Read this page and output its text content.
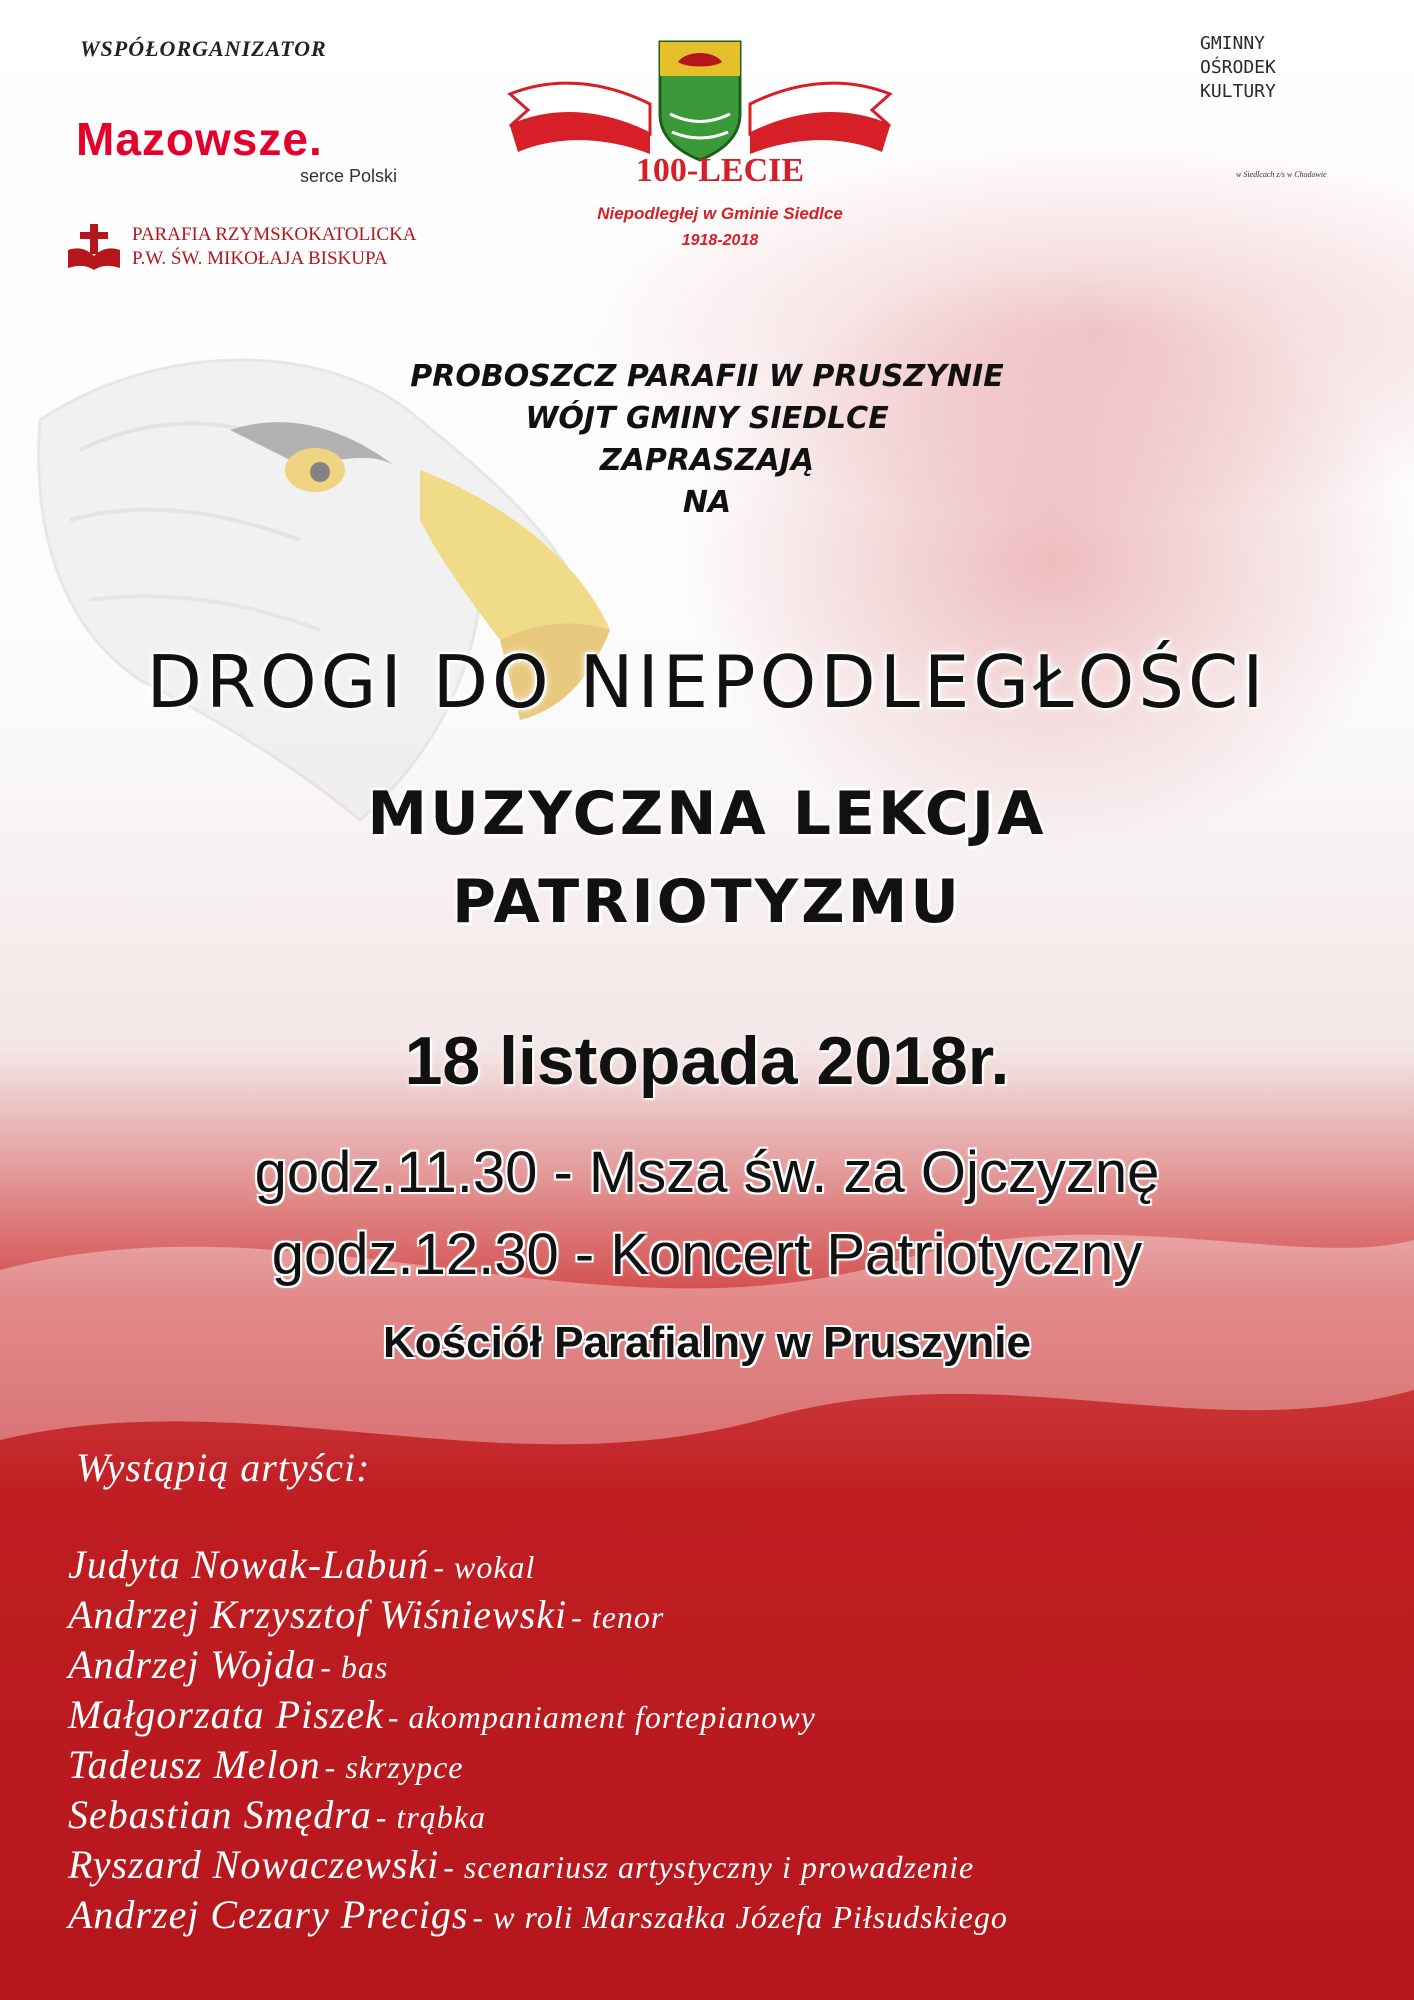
WSPÓŁORGANIZATOR
Mazowsze.
serce Polski
PARAFIA RZYMSKOKATOLICKA
P.W. ŚW. MIKOŁAJA BISKUPA
100-LECIE
Niepodległej w Gminie Siedlce
1918-2018
GMINNY
OŚRODEK
KULTURY
w Siedlcach z/s w Chodowie
PROBOSZCZ PARAFII W PRUSZYNIE
WÓJT GMINY SIEDLCE
ZAPRASZAJĄ
NA
DROGI DO NIEPODLEGŁOŚCI
MUZYCZNA LEKCJA
PATRIOTYZMU
18 listopada 2018r.
godz.11.30 - Msza św. za Ojczyznę
godz.12.30 - Koncert Patriotyczny
Kościół Parafialny w Pruszynie
Wystąpią artyści:
Judyta Nowak-Labuń - wokal
Andrzej Krzysztof Wiśniewski - tenor
Andrzej Wojda - bas
Małgorzata Piszek - akompaniament fortepianowy
Tadeusz Melon - skrzypce
Sebastian Smędra - trąbka
Ryszard Nowaczewski - scenariusz artystyczny i prowadzenie
Andrzej Cezary Precigs - w roli Marszałka Józefa Piłsudskiego
